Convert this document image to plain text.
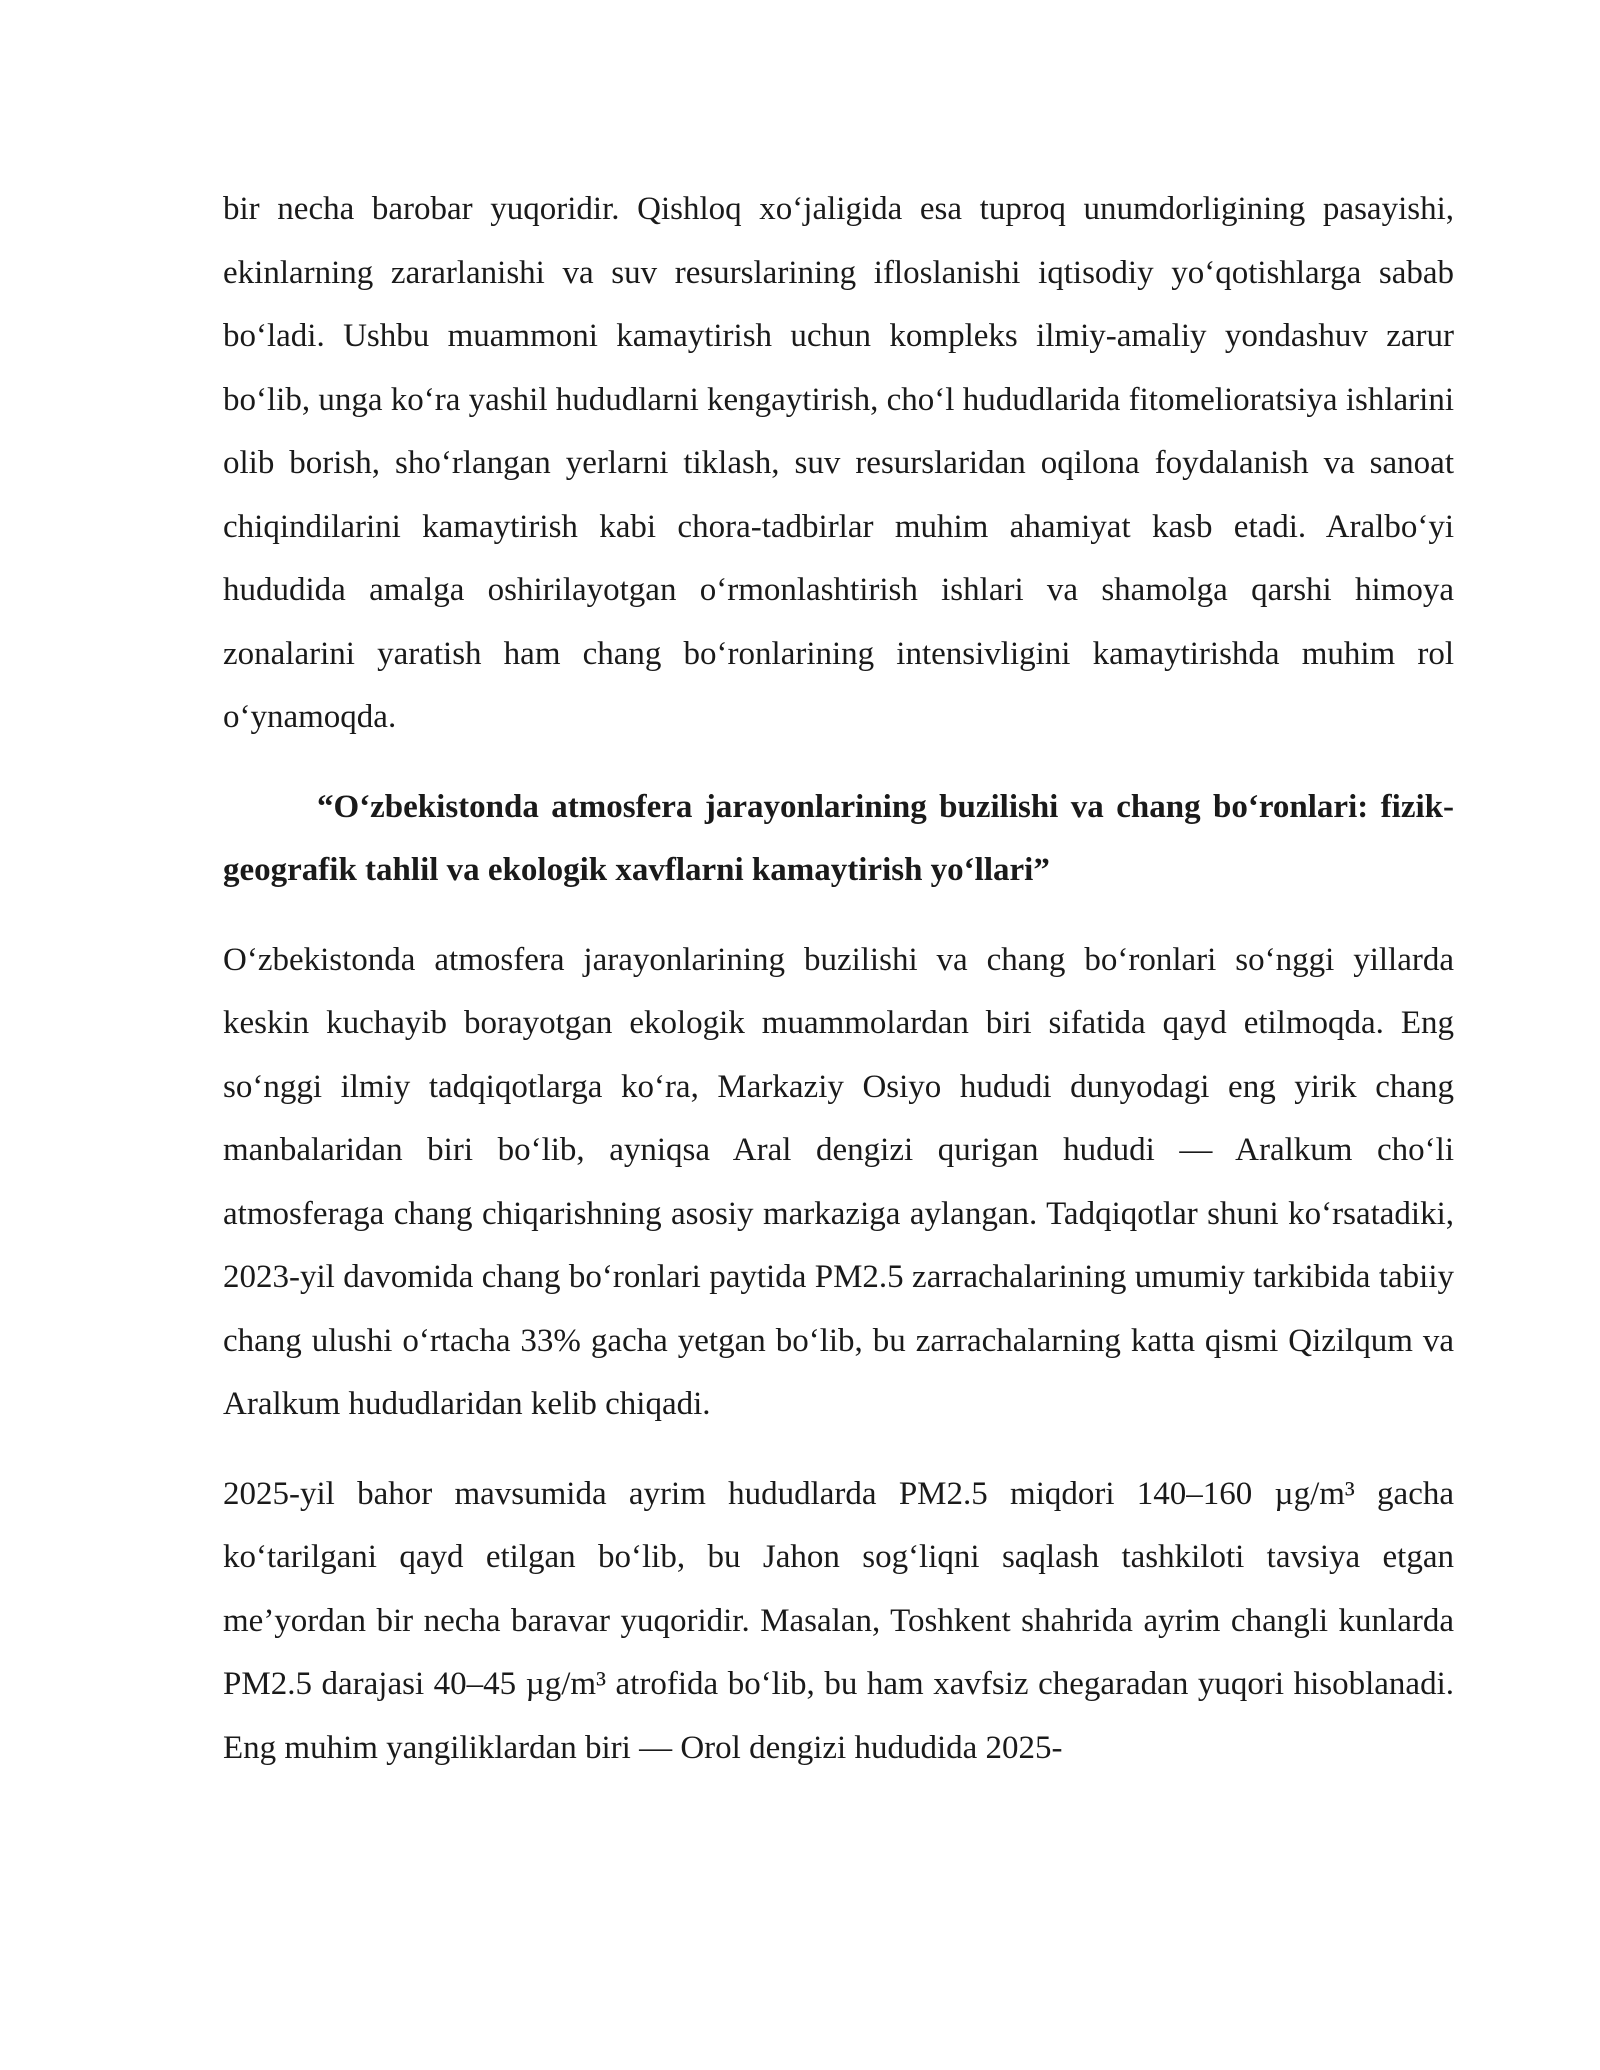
bir necha barobar yuqoridir. Qishloq xo‘jaligida esa tuproq unumdorligining pasayishi, ekinlarning zararlanishi va suv resurslarining ifloslanishi iqtisodiy yo‘qotishlarga sabab bo‘ladi. Ushbu muammoni kamaytirish uchun kompleks ilmiy-amaliy yondashuv zarur bo‘lib, unga ko‘ra yashil hududlarni kengaytirish, cho‘l hududlarida fitomelioratsiya ishlarini olib borish, sho‘rlangan yerlarni tiklash, suv resurslaridan oqilona foydalanish va sanoat chiqindilarini kamaytirish kabi chora-tadbirlar muhim ahamiyat kasb etadi. Aralbo‘yi hududida amalga oshirilayotgan o‘rmonlashtirish ishlari va shamolga qarshi himoya zonalarini yaratish ham chang bo‘ronlarining intensivligini kamaytirishda muhim rol o‘ynamoqda.

“O‘zbekistonda atmosfera jarayonlarining buzilishi va chang bo‘ronlari: fizik-geografik tahlil va ekologik xavflarni kamaytirish yo‘llari”

O‘zbekistonda atmosfera jarayonlarining buzilishi va chang bo‘ronlari so‘nggi yillarda keskin kuchayib borayotgan ekologik muammolardan biri sifatida qayd etilmoqda. Eng so‘nggi ilmiy tadqiqotlarga ko‘ra, Markaziy Osiyo hududi dunyodagi eng yirik chang manbalaridan biri bo‘lib, ayniqsa Aral dengizi qurigan hududi — Aralkum cho‘li atmosferaga chang chiqarishning asosiy markaziga aylangan. Tadqiqotlar shuni ko‘rsatadiki, 2023-yil davomida chang bo‘ronlari paytida PM2.5 zarrachalarining umumiy tarkibida tabiiy chang ulushi o‘rtacha 33% gacha yetgan bo‘lib, bu zarrachalarning katta qismi Qizilqum va Aralkum hududlaridan kelib chiqadi.

2025-yil bahor mavsumida ayrim hududlarda PM2.5 miqdori 140–160 µg/m³ gacha ko‘tarilgani qayd etilgan bo‘lib, bu Jahon sog‘liqni saqlash tashkiloti tavsiya etgan me’yordan bir necha baravar yuqoridir. Masalan, Toshkent shahrida ayrim changli kunlarda PM2.5 darajasi 40–45 µg/m³ atrofida bo‘lib, bu ham xavfsiz chegaradan yuqori hisoblanadi. Eng muhim yangiliklardan biri — Orol dengizi hududida 2025-
